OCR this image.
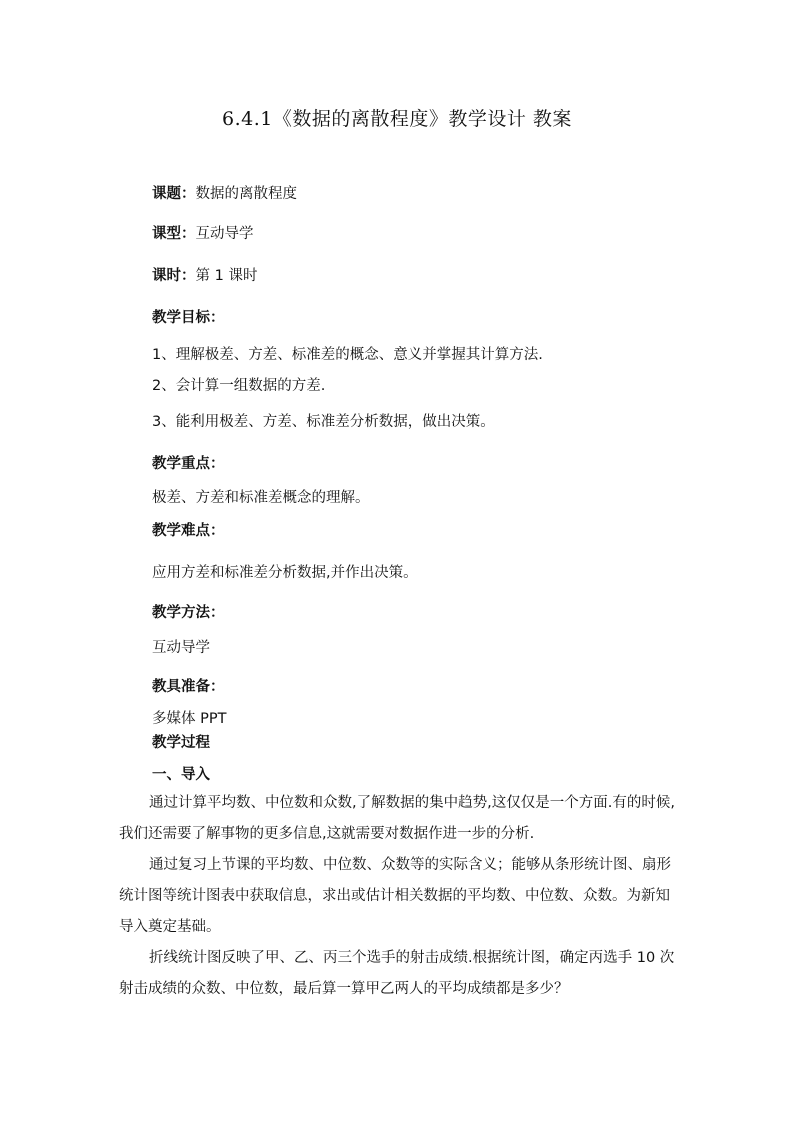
6.4.1《数据的离散程度》教学设计 教案
课题：数据的离散程度
课型：互动导学
课时：第 1 课时
教学目标：
1、理解极差、方差、标准差的概念、意义并掌握其计算方法.
2、会计算一组数据的方差.
3、能利用极差、方差、标准差分析数据，做出决策。
教学重点：
极差、方差和标准差概念的理解。
教学难点：
应用方差和标准差分析数据,并作出决策。
教学方法：
互动导学
教具准备：
多媒体 PPT
教学过程
一、导入

通过计算平均数、中位数和众数,了解数据的集中趋势,这仅仅是一个方面.有的时候,我们还需要了解事物的更多信息,这就需要对数据作进一步的分析.

通过复习上节课的平均数、中位数、众数等的实际含义；能够从条形统计图、扇形统计图等统计图表中获取信息，求出或估计相关数据的平均数、中位数、众数。为新知导入奠定基础。

折线统计图反映了甲、乙、丙三个选手的射击成绩.根据统计图，确定丙选手 10 次射击成绩的众数、中位数，最后算一算甲乙两人的平均成绩都是多少？
